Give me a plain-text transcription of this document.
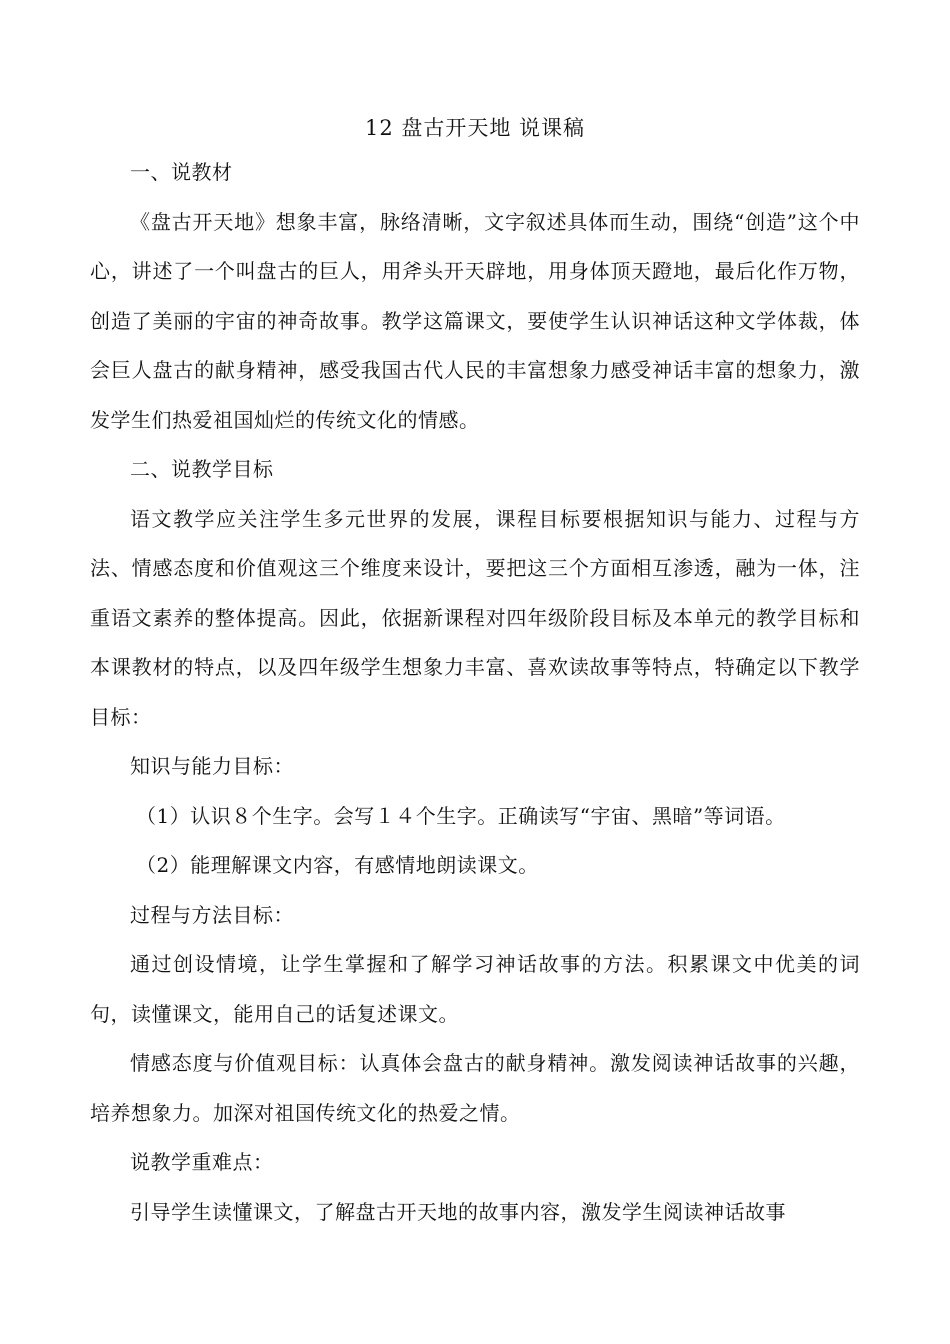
12 盘古开天地 说课稿

一、说教材

《盘古开天地》想象丰富，脉络清晰，文字叙述具体而生动，围绕“创造”这个中心，讲述了一个叫盘古的巨人，用斧头开天辟地，用身体顶天蹬地，最后化作万物，创造了美丽的宇宙的神奇故事。教学这篇课文，要使学生认识神话这种文学体裁，体会巨人盘古的献身精神，感受我国古代人民的丰富想象力感受神话丰富的想象力，激发学生们热爱祖国灿烂的传统文化的情感。

二、说教学目标

语文教学应关注学生多元世界的发展，课程目标要根据知识与能力、过程与方法、情感态度和价值观这三个维度来设计，要把这三个方面相互渗透，融为一体，注重语文素养的整体提高。因此，依据新课程对四年级阶段目标及本单元的教学目标和本课教材的特点，以及四年级学生想象力丰富、喜欢读故事等特点，特确定以下教学目标：

知识与能力目标：

（1）认识８个生字。会写１４个生字。正确读写“宇宙、黑暗”等词语。

（2）能理解课文内容，有感情地朗读课文。

过程与方法目标：

通过创设情境，让学生掌握和了解学习神话故事的方法。积累课文中优美的词句，读懂课文，能用自己的话复述课文。

情感态度与价值观目标：认真体会盘古的献身精神。激发阅读神话故事的兴趣，培养想象力。加深对祖国传统文化的热爱之情。

说教学重难点：

引导学生读懂课文，了解盘古开天地的故事内容，激发学生阅读神话故事
